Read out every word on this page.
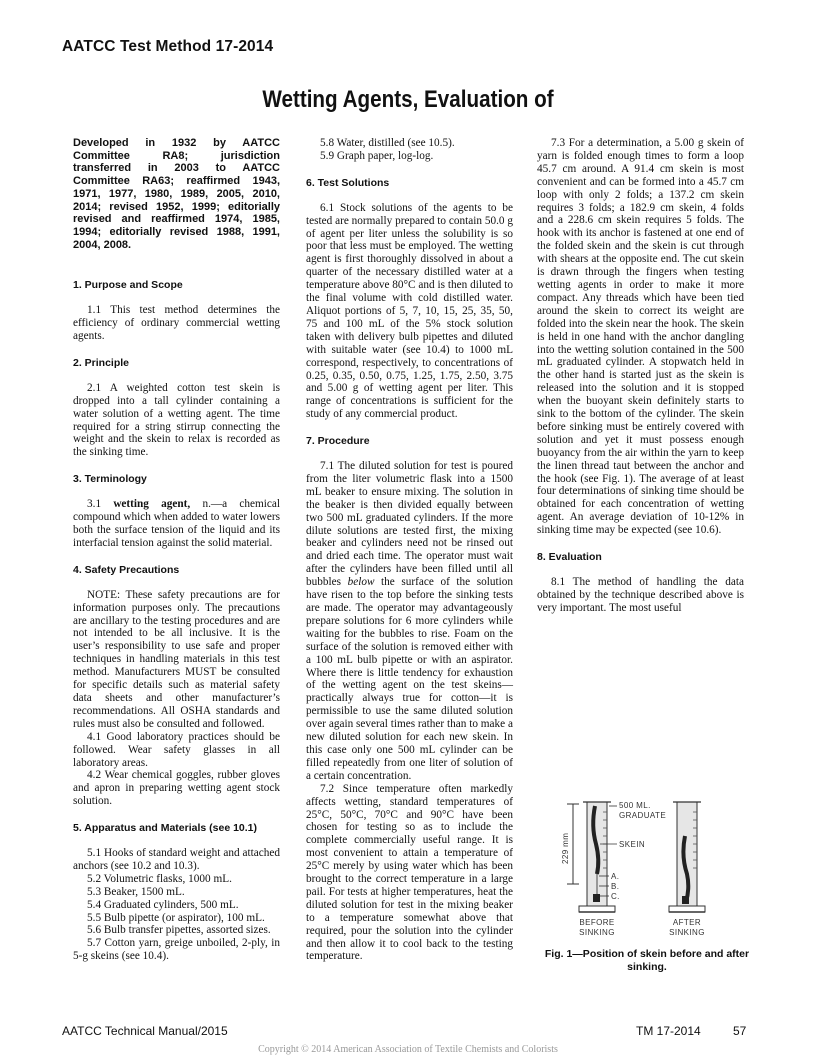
AATCC Test Method 17-2014
Wetting Agents, Evaluation of

Developed in 1932 by AATCC Committee RA8; jurisdiction transferred in 2003 to AATCC Committee RA63; reaffirmed 1943, 1971, 1977, 1980, 1989, 2005, 2010, 2014; revised 1952, 1999; editorially revised and reaffirmed 1974, 1985, 1994; editorially revised 1988, 1991, 2004, 2008.

1. Purpose and Scope

1.1 This test method determines the efficiency of ordinary commercial wetting agents.

2. Principle

2.1 A weighted cotton test skein is dropped into a tall cylinder containing a water solution of a wetting agent. The time required for a string stirrup connecting the weight and the skein to relax is recorded as the sinking time.

3. Terminology

3.1 wetting agent, n.—a chemical compound which when added to water lowers both the surface tension of the liquid and its interfacial tension against the solid material.

4. Safety Precautions

NOTE: These safety precautions are for information purposes only. The precautions are ancillary to the testing procedures and are not intended to be all inclusive. It is the user’s responsibility to use safe and proper techniques in handling materials in this test method. Manufacturers MUST be consulted for specific details such as material safety data sheets and other manufacturer’s recommendations. All OSHA standards and rules must also be consulted and followed.

4.1 Good laboratory practices should be followed. Wear safety glasses in all laboratory areas.

4.2 Wear chemical goggles, rubber gloves and apron in preparing wetting agent stock solution.

5. Apparatus and Materials (see 10.1)

5.1 Hooks of standard weight and attached anchors (see 10.2 and 10.3).

5.2 Volumetric flasks, 1000 mL.

5.3 Beaker, 1500 mL.

5.4 Graduated cylinders, 500 mL.

5.5 Bulb pipette (or aspirator), 100 mL.

5.6 Bulb transfer pipettes, assorted sizes.

5.7 Cotton yarn, greige unboiled, 2-ply, in 5-g skeins (see 10.4).

5.8 Water, distilled (see 10.5).

5.9 Graph paper, log-log.

6. Test Solutions

6.1 Stock solutions of the agents to be tested are normally prepared to contain 50.0 g of agent per liter unless the solubility is so poor that less must be employed. The wetting agent is first thoroughly dissolved in about a quarter of the necessary distilled water at a temperature above 80°C and is then diluted to the final volume with cold distilled water. Aliquot portions of 5, 7, 10, 15, 25, 35, 50, 75 and 100 mL of the 5% stock solution taken with delivery bulb pipettes and diluted with suitable water (see 10.4) to 1000 mL correspond, respectively, to concentrations of 0.25, 0.35, 0.50, 0.75, 1.25, 1.75, 2.50, 3.75 and 5.00 g of wetting agent per liter. This range of concentrations is sufficient for the study of any commercial product.

7. Procedure

7.1 The diluted solution for test is poured from the liter volumetric flask into a 1500 mL beaker to ensure mixing. The solution in the beaker is then divided equally between two 500 mL graduated cylinders. If the more dilute solutions are tested first, the mixing beaker and cylinders need not be rinsed out and dried each time. The operator must wait after the cylinders have been filled until all bubbles below the surface of the solution have risen to the top before the sinking tests are made. The operator may advantageously prepare solutions for 6 more cylinders while waiting for the bubbles to rise. Foam on the surface of the solution is removed either with a 100 mL bulb pipette or with an aspirator. Where there is little tendency for exhaustion of the wetting agent on the test skeins—practically always true for cotton—it is permissible to use the same diluted solution over again several times rather than to make a new diluted solution for each new skein. In this case only one 500 mL cylinder can be filled repeatedly from one liter of solution of a certain concentration.

7.2 Since temperature often markedly affects wetting, standard temperatures of 25°C, 50°C, 70°C and 90°C have been chosen for testing so as to include the complete commercially useful range. It is most convenient to attain a temperature of 25°C merely by using water which has been brought to the correct temperature in a large pail. For tests at higher temperatures, heat the diluted solution for test in the mixing beaker to a temperature somewhat above that required, pour the solution into the cylinder and then allow it to cool back to the testing temperature.

7.3 For a determination, a 5.00 g skein of yarn is folded enough times to form a loop 45.7 cm around. A 91.4 cm skein is most convenient and can be formed into a 45.7 cm loop with only 2 folds; a 137.2 cm skein requires 3 folds; a 182.9 cm skein, 4 folds and a 228.6 cm skein requires 5 folds. The hook with its anchor is fastened at one end of the folded skein and the skein is cut through with shears at the opposite end. The cut skein is drawn through the fingers when testing wetting agents in order to make it more compact. Any threads which have been tied around the skein to correct its weight are folded into the skein near the hook. The skein is held in one hand with the anchor dangling into the wetting solution contained in the 500 mL graduated cylinder. A stopwatch held in the other hand is started just as the skein is released into the solution and it is stopped when the buoyant skein definitely starts to sink to the bottom of the cylinder. The skein before sinking must be entirely covered with solution and yet it must possess enough buoyancy from the air within the yarn to keep the linen thread taut between the anchor and the hook (see Fig. 1). The average of at least four determinations of sinking time should be obtained for each concentration of wetting agent. An average deviation of 10-12% in sinking time may be expected (see 10.6).

8. Evaluation

8.1 The method of handling the data obtained by the technique described above is very important. The most useful

229 mm
500 ML.
GRADUATE
SKEIN
A.
B.
C.
BEFORE
SINKING
AFTER
SINKING
Fig. 1—Position of skein before and after sinking.
AATCC Technical Manual/2015	TM 17-2014	57
Copyright © 2014 American Association of Textile Chemists and Colorists
